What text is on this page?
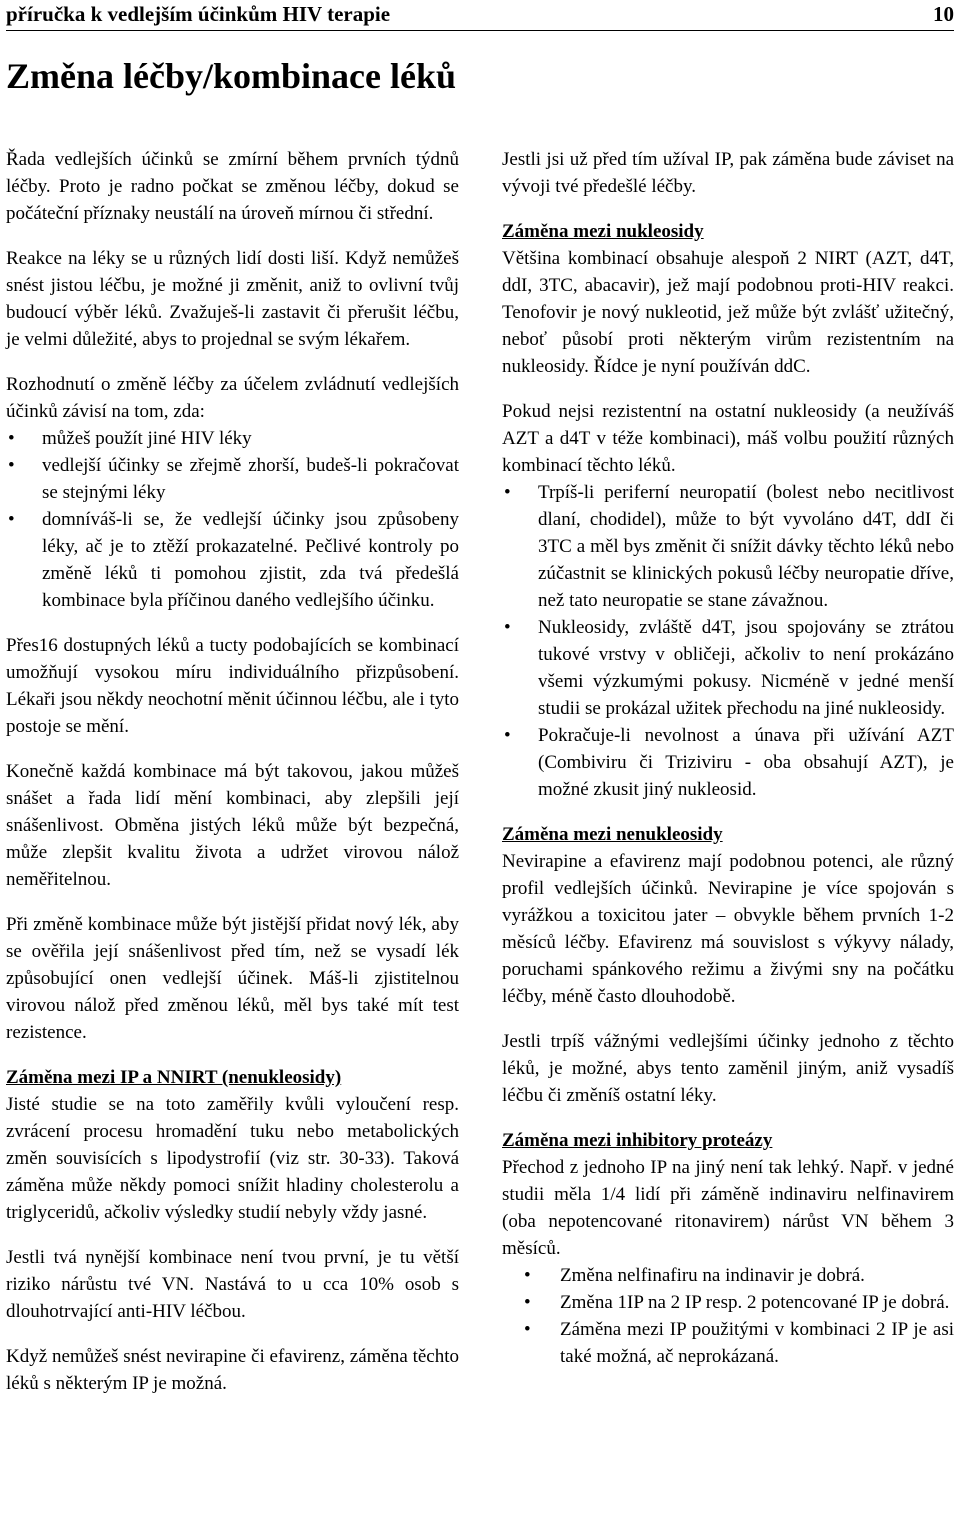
příručka k vedlejším účinkům HIV terapie	10
Změna léčby/kombinace léků

Řada vedlejších účinků se zmírní během prvních týdnů léčby. Proto je radno počkat se změnou léčby, dokud se počáteční příznaky neustálí na úroveň mírnou či střední.

Reakce na léky se u různých lidí dosti liší. Když nemůžeš snést jistou léčbu, je možné ji změnit, aniž to ovlivní tvůj budoucí výběr léků. Zvažuješ-li zastavit či přerušit léčbu, je velmi důležité, abys to projednal se svým lékařem.

Rozhodnutí o změně léčby za účelem zvládnutí vedlejších účinků závisí na tom, zda:

• můžeš použít jiné HIV léky
• vedlejší účinky se zřejmě zhorší, budeš-li pokračovat se stejnými léky
• domníváš-li se, že vedlejší účinky jsou způsobeny léky, ač je to ztěží prokazatelné. Pečlivé kontroly po změně léků ti pomohou zjistit, zda tvá předešlá kombinace byla příčinou daného vedlejšího účinku.

Přes16 dostupných léků a tucty podobajících se kombinací umožňují vysokou míru individuálního přizpůsobení. Lékaři jsou někdy neochotní měnit účinnou léčbu, ale i tyto postoje se mění.

Konečně každá kombinace má být takovou, jakou můžeš snášet a řada lidí mění kombinaci, aby zlepšili její snášenlivost. Obměna jistých léků může být bezpečná, může zlepšit kvalitu života a udržet virovou nálož neměřitelnou.

Při změně kombinace může být jistější přidat nový lék, aby se ověřila její snášenlivost před tím, než se vysadí lék způsobující onen vedlejší účinek. Máš-li zjistitelnou virovou nálož před změnou léků, měl bys také mít test rezistence.

Záměna mezi IP a NNIRT (nenukleosidy)

Jisté studie se na toto zaměřily kvůli vyloučení resp. zvrácení procesu hromadění tuku nebo metabolických změn souvisících s lipodystrofií (viz str. 30-33). Taková záměna může někdy pomoci snížit hladiny cholesterolu a triglyceridů, ačkoliv výsledky studií nebyly vždy jasné.

Jestli tvá nynější kombinace není tvou první, je tu větší riziko nárůstu tvé VN. Nastává to u cca 10% osob s dlouhotrvající anti-HIV léčbou.

Když nemůžeš snést nevirapine či efavirenz, záměna těchto léků s některým IP je možná.

Jestli jsi už před tím užíval IP, pak záměna bude záviset na vývoji tvé předešlé léčby.

Záměna mezi nukleosidy

Většina kombinací obsahuje alespoň 2 NIRT (AZT, d4T, ddI, 3TC, abacavir), jež mají podobnou proti-HIV reakci. Tenofovir je nový nukleotid, jež může být zvlášť užitečný, neboť působí proti některým virům rezistentním na nukleosidy. Řídce je nyní používán ddC.

Pokud nejsi rezistentní na ostatní nukleosidy (a neužíváš AZT a d4T v téže kombinaci), máš volbu použití různých kombinací těchto léků.

• Trpíš-li periferní neuropatií (bolest nebo necitlivost dlaní, chodidel), může to být vyvoláno d4T, ddI či 3TC a měl bys změnit či snížit dávky těchto léků nebo zúčastnit se klinických pokusů léčby neuropatie dříve, než tato neuropatie se stane závažnou.
• Nukleosidy, zvláště d4T, jsou spojovány se ztrátou tukové vrstvy v obličeji, ačkoliv to není prokázáno všemi výzkumými pokusy. Nicméně v jedné menší studii se prokázal užitek přechodu na jiné nukleosidy.
• Pokračuje-li nevolnost a únava při užívání AZT (Combiviru či Triziviru - oba obsahují AZT), je možné zkusit jiný nukleosid.
Záměna mezi nenukleosidy

Nevirapine a efavirenz mají podobnou potenci, ale různý profil vedlejších účinků. Nevirapine je více spojován s vyrážkou a toxicitou jater – obvykle během prvních 1-2 měsíců léčby. Efavirenz má souvislost s výkyvy nálady, poruchami spánkového režimu a živými sny na počátku léčby, méně často dlouhodobě.

Jestli trpíš vážnými vedlejšími účinky jednoho z těchto léků, je možné, abys tento zaměnil jiným, aniž vysadíš léčbu či změníš ostatní léky.

Záměna mezi inhibitory proteázy

Přechod z jednoho IP na jiný není tak lehký. Např. v jedné studii měla 1/4 lidí při záměně indinaviru nelfinavirem (oba nepotencované ritonavirem) nárůst VN během 3 měsíců.

• Změna nelfinafiru na indinavir je dobrá.
• Změna 1IP na 2 IP resp. 2 potencované IP je dobrá.
• Záměna mezi IP použitými v kombinaci 2 IP je asi také možná, ač neprokázaná.
